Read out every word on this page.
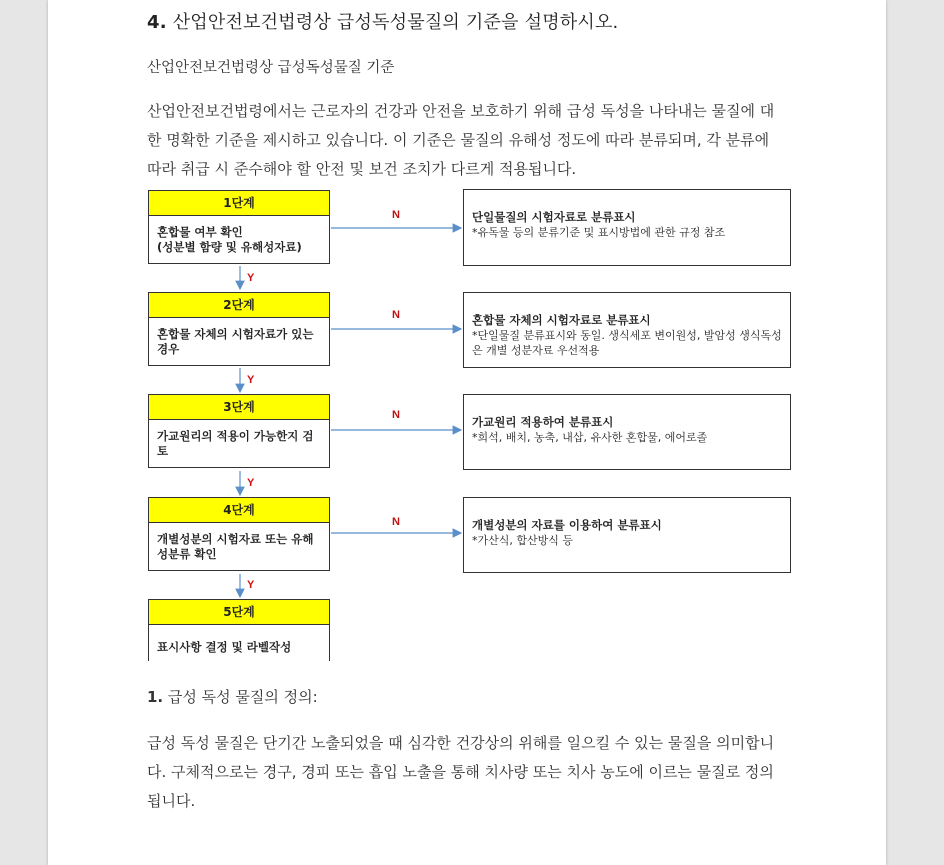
4. 산업안전보건법령상 급성독성물질의 기준을 설명하시오.
산업안전보건법령상 급성독성물질 기준
산업안전보건법령에서는 근로자의 건강과 안전을 보호하기 위해 급성 독성을 나타내는 물질에 대한 명확한 기준을 제시하고 있습니다. 이 기준은 물질의 유해성 정도에 따라 분류되며, 각 분류에 따라 취급 시 준수해야 할 안전 및 보건 조치가 다르게 적용됩니다.
1. 급성 독성 물질의 정의:
급성 독성 물질은 단기간 노출되었을 때 심각한 건강상의 위해를 일으킬 수 있는 물질을 의미합니다. 구체적으로는 경구, 경피 또는 흡입 노출을 통해 치사량 또는 치사 농도에 이르는 물질로 정의됩니다.
1단계
혼합물 여부 확인
(성분별 함량 및 유해성자료)
2단계
혼합물 자체의 시험자료가 있는 경우
3단계
가교원리의 적용이 가능한지 검토
4단계
개별성분의 시험자료 또는 유해성분류 확인
5단계
표시사항 결정 및 라벨작성
단일물질의 시험자료로 분류표시
*유독물 등의 분류기준 및 표시방법에 관한 규정 참조
혼합물 자체의 시험자료로 분류표시
*단일물질 분류표시와 동일. 생식세포 변이원성, 발암성 생식독성은 개별 성분자료 우선적용
가교원리 적용하여 분류표시
*희석, 배치, 농축, 내삽, 유사한 혼합물, 에어로졸
개별성분의 자료를 이용하여 분류표시
*가산식, 합산방식 등
N
N
N
N
Y
Y
Y
Y
